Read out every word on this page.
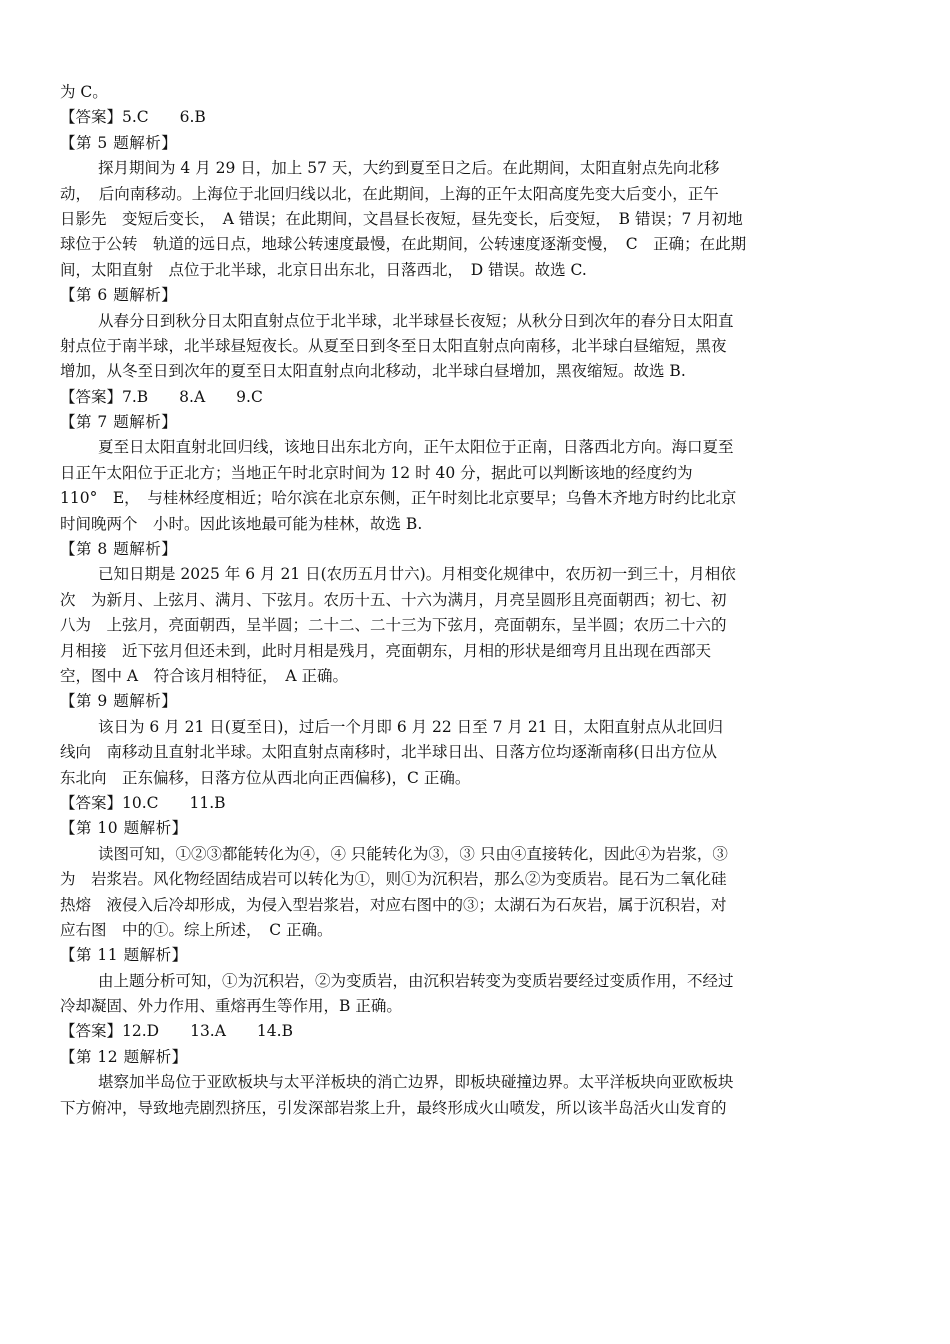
为 C。
【答案】5.C　　6.B
【第 5 题解析】
探月期间为 4 月 29 日，加上 57 天，大约到夏至日之后。在此期间，太阳直射点先向北移
动，　后向南移动。上海位于北回归线以北，在此期间，上海的正午太阳高度先变大后变小，正午
日影先　变短后变长，　A 错误；在此期间，文昌昼长夜短，昼先变长，后变短，　B 错误；7 月初地
球位于公转　轨道的远日点，地球公转速度最慢，在此期间，公转速度逐渐变慢，　C　正确；在此期
间，太阳直射　点位于北半球，北京日出东北，日落西北，　D 错误。故选 C.
【第 6 题解析】
从春分日到秋分日太阳直射点位于北半球，北半球昼长夜短；从秋分日到次年的春分日太阳直
射点位于南半球，北半球昼短夜长。从夏至日到冬至日太阳直射点向南移，北半球白昼缩短，黑夜
增加，从冬至日到次年的夏至日太阳直射点向北移动，北半球白昼增加，黑夜缩短。故选 B.
【答案】7.B　　8.A　　9.C
【第 7 题解析】
夏至日太阳直射北回归线，该地日出东北方向，正午太阳位于正南，日落西北方向。海口夏至
日正午太阳位于正北方；当地正午时北京时间为 12 时 40 分，据此可以判断该地的经度约为
110°　E，　与桂林经度相近；哈尔滨在北京东侧，正午时刻比北京要早；乌鲁木齐地方时约比北京
时间晚两个　小时。因此该地最可能为桂林，故选 B.
【第 8 题解析】
已知日期是 2025 年 6 月 21 日(农历五月廿六)。月相变化规律中，农历初一到三十，月相依
次　为新月、上弦月、满月、下弦月。农历十五、十六为满月，月亮呈圆形且亮面朝西；初七、初
八为　上弦月，亮面朝西，呈半圆；二十二、二十三为下弦月，亮面朝东，呈半圆；农历二十六的
月相接　近下弦月但还未到，此时月相是残月，亮面朝东，月相的形状是细弯月且出现在西部天
空，图中 A　符合该月相特征，　A 正确。
【第 9 题解析】
该日为 6 月 21 日(夏至日)，过后一个月即 6 月 22 日至 7 月 21 日，太阳直射点从北回归
线向　南移动且直射北半球。太阳直射点南移时，北半球日出、日落方位均逐渐南移(日出方位从
东北向　正东偏移，日落方位从西北向正西偏移)，C 正确。
【答案】10.C　　11.B
【第 10 题解析】
读图可知，①②③都能转化为④，④ 只能转化为③，③ 只由④直接转化，因此④为岩浆，③
为　岩浆岩。风化物经固结成岩可以转化为①，则①为沉积岩，那么②为变质岩。昆石为二氧化硅
热熔　液侵入后冷却形成，为侵入型岩浆岩，对应右图中的③；太湖石为石灰岩，属于沉积岩，对
应右图　中的①。综上所述，　C 正确。
【第 11 题解析】
由上题分析可知，①为沉积岩，②为变质岩，由沉积岩转变为变质岩要经过变质作用，不经过
冷却凝固、外力作用、重熔再生等作用，B 正确。
【答案】12.D　　13.A　　14.B
【第 12 题解析】
堪察加半岛位于亚欧板块与太平洋板块的消亡边界，即板块碰撞边界。太平洋板块向亚欧板块
下方俯冲，导致地壳剧烈挤压，引发深部岩浆上升，最终形成火山喷发，所以该半岛活火山发育的
